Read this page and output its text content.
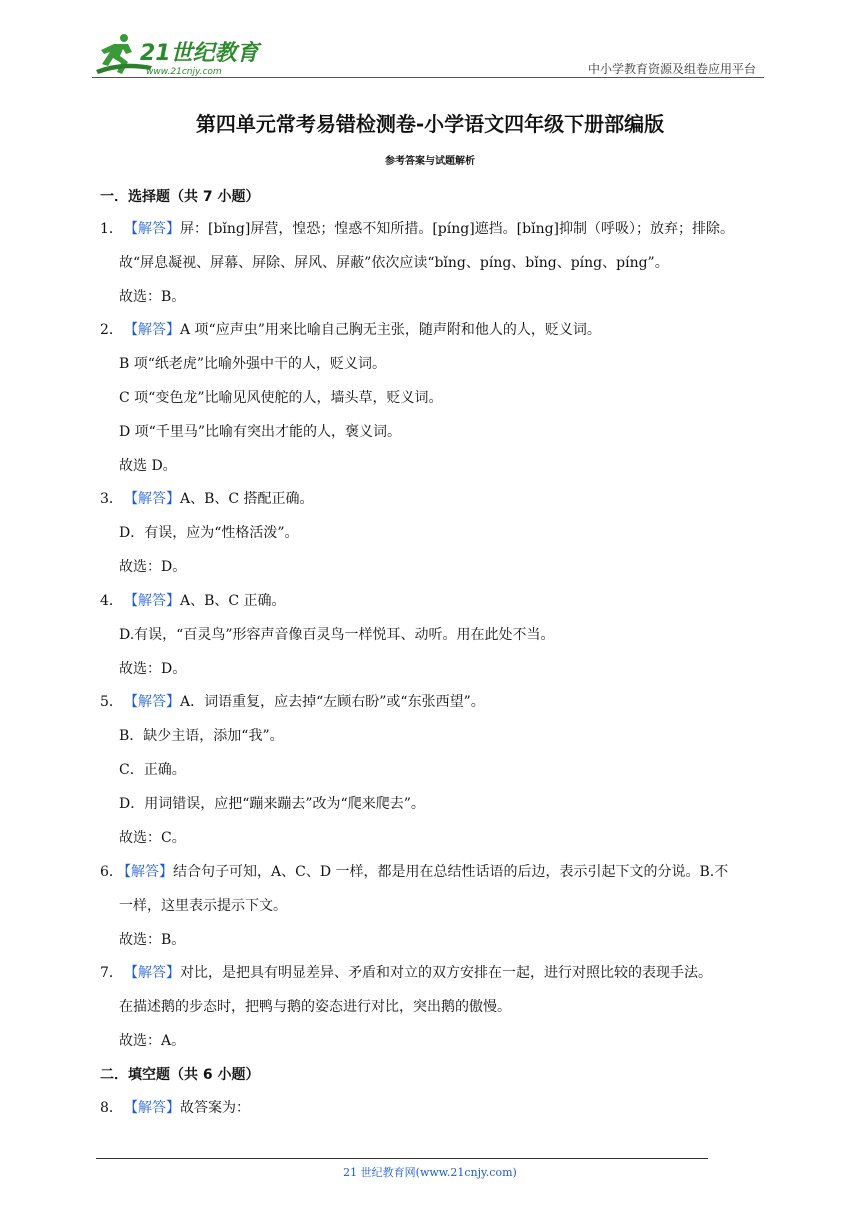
21世纪教育
www.21cnjy.com	中小学教育资源及组卷应用平台
第四单元常考易错检测卷-小学语文四年级下册部编版
参考答案与试题解析
一．选择题（共 7 小题）
1． 【解答】屏：[bǐng]屏营，惶恐；惶惑不知所措。[píng]遮挡。[bǐng]抑制（呼吸）；放弃；排除。
故“屏息凝视、屏幕、屏除、屏风、屏蔽”依次应读“bǐng、píng、bǐng、píng、píng”。
故选：B。
2． 【解答】A 项“应声虫”用来比喻自己胸无主张，随声附和他人的人，贬义词。
B 项“纸老虎”比喻外强中干的人，贬义词。
C 项“变色龙”比喻见风使舵的人，墙头草，贬义词。
D 项“千里马”比喻有突出才能的人，褒义词。
故选 D。
3． 【解答】A、B、C 搭配正确。
D．有误，应为“性格活泼”。
故选：D。
4． 【解答】A、B、C 正确。
D.有误，“百灵鸟”形容声音像百灵鸟一样悦耳、动听。用在此处不当。
故选：D。
5． 【解答】A．词语重复，应去掉“左顾右盼”或“东张西望”。
B．缺少主语，添加“我”。
C．正确。
D．用词错误，应把“蹦来蹦去”改为“爬来爬去”。
故选：C。
6．
【解答】结合句子可知，A、C、D 一样，都是用在总结性话语的后边，表示引起下文的分说。B.不
一样，这里表示提示下文。
故选：B。
7． 【解答】对比，是把具有明显差异、矛盾和对立的双方安排在一起，进行对照比较的表现手法。
在描述鹅的步态时，把鸭与鹅的姿态进行对比，突出鹅的傲慢。
故选：A。
二．填空题（共 6 小题）
8． 【解答】故答案为：
21 世纪教育网(www.21cnjy.com)
